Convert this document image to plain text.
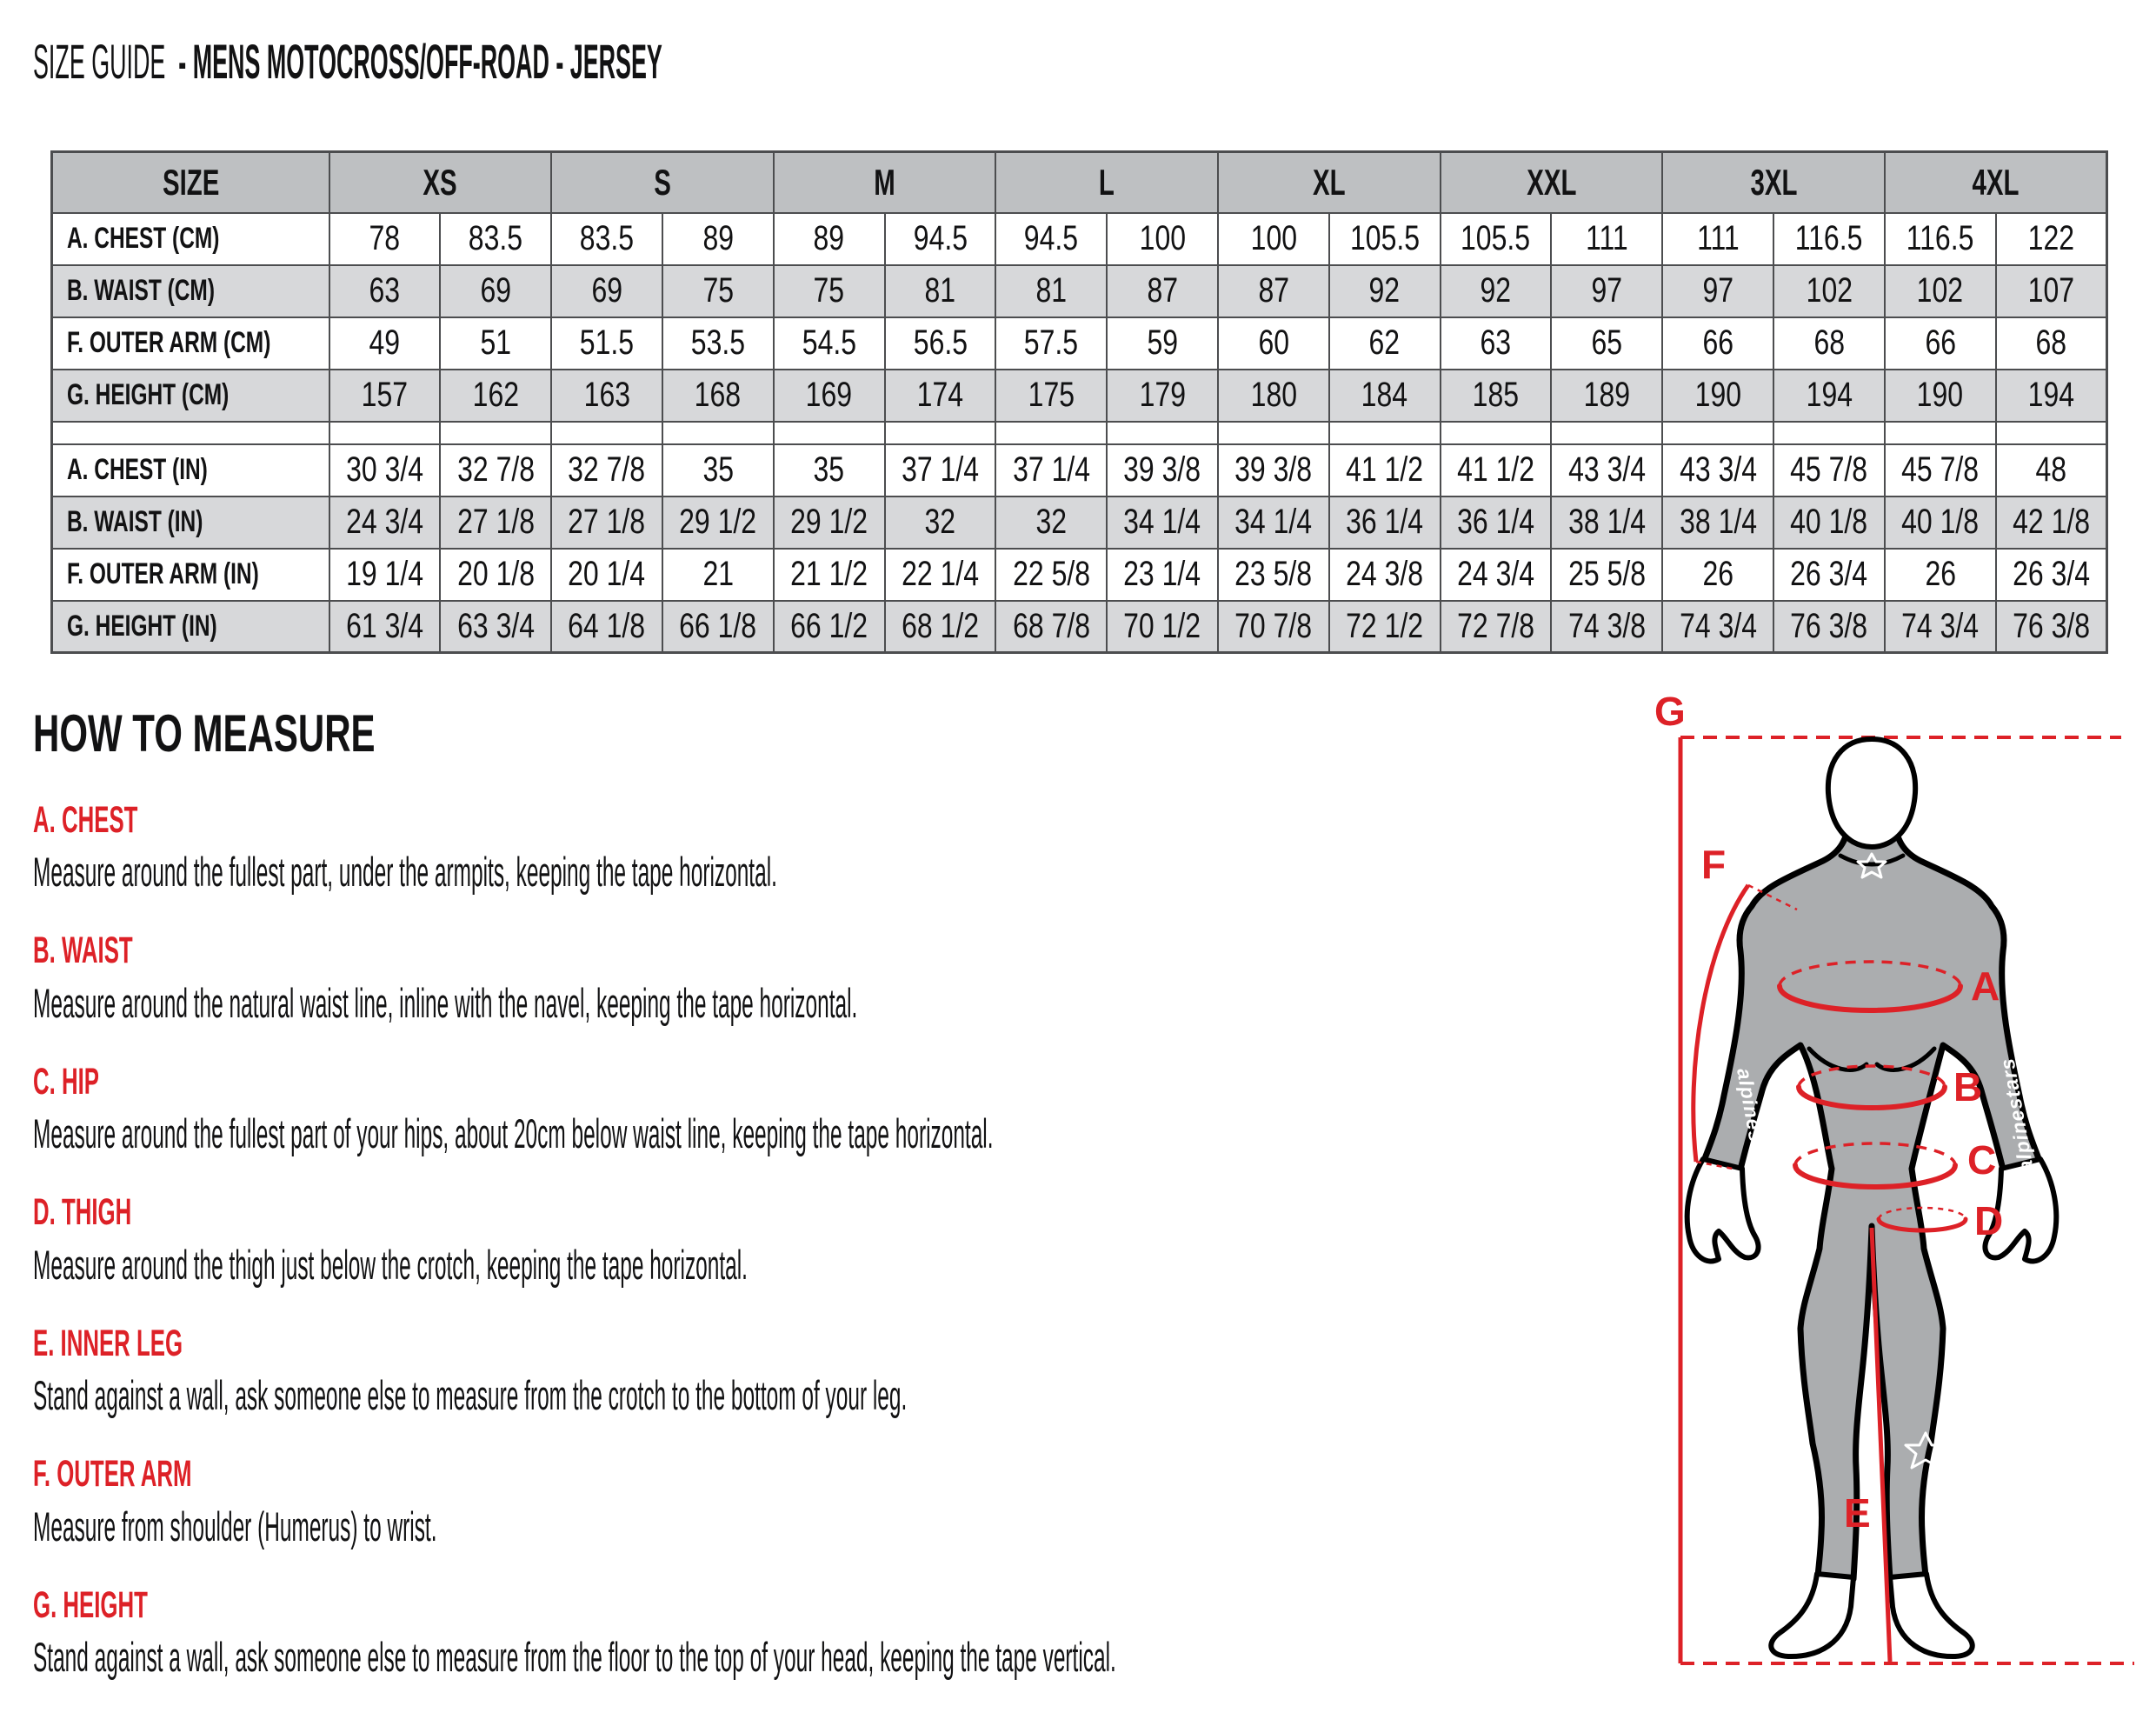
SIZE GUIDE - MENS MOTOCROSS/OFF-ROAD - JERSEY
SIZE	XS		S		M		L		XL		XXL		3XL		4XL	
A. CHEST (CM)	78	83.5	83.5	89	89	94.5	94.5	100	100	105.5	105.5	111	111	116.5	116.5	122
B. WAIST (CM)	63	69	69	75	75	81	81	87	87	92	92	97	97	102	102	107
F. OUTER ARM (CM)	49	51	51.5	53.5	54.5	56.5	57.5	59	60	62	63	65	66	68	66	68
G. HEIGHT (CM)	157	162	163	168	169	174	175	179	180	184	185	189	190	194	190	194

A. CHEST (IN)	30 3/4	32 7/8	32 7/8	35	35	37 1/4	37 1/4	39 3/8	39 3/8	41 1/2	41 1/2	43 3/4	43 3/4	45 7/8	45 7/8	48
B. WAIST (IN)	24 3/4	27 1/8	27 1/8	29 1/2	29 1/2	32	32	34 1/4	34 1/4	36 1/4	36 1/4	38 1/4	38 1/4	40 1/8	40 1/8	42 1/8
F. OUTER ARM (IN)	19 1/4	20 1/8	20 1/4	21	21 1/2	22 1/4	22 5/8	23 1/4	23 5/8	24 3/8	24 3/4	25 5/8	26	26 3/4	26	26 3/4
G. HEIGHT (IN)	61 3/4	63 3/4	64 1/8	66 1/8	66 1/2	68 1/2	68 7/8	70 1/2	70 7/8	72 1/2	72 7/8	74 3/8	74 3/4	76 3/8	74 3/4	76 3/8
HOW TO MEASURE
A. CHEST

Measure around the fullest part, under the armpits, keeping the tape horizontal.

B. WAIST

Measure around the natural waist line, inline with the navel, keeping the tape horizontal.

C. HIP

Measure around the fullest part of your hips, about 20cm below waist line, keeping the tape horizontal.

D. THIGH

Measure around the thigh just below the crotch, keeping the tape horizontal.

E. INNER LEG

Stand against a wall, ask someone else to measure from the crotch to the bottom of your leg.

F. OUTER ARM

Measure from shoulder (Humerus) to wrist.

G. HEIGHT

Stand against a wall, ask someone else to measure from the floor to the top of your head, keeping the tape vertical.

alpinestars	alpinestars
G
F
A
B
C
D
E
